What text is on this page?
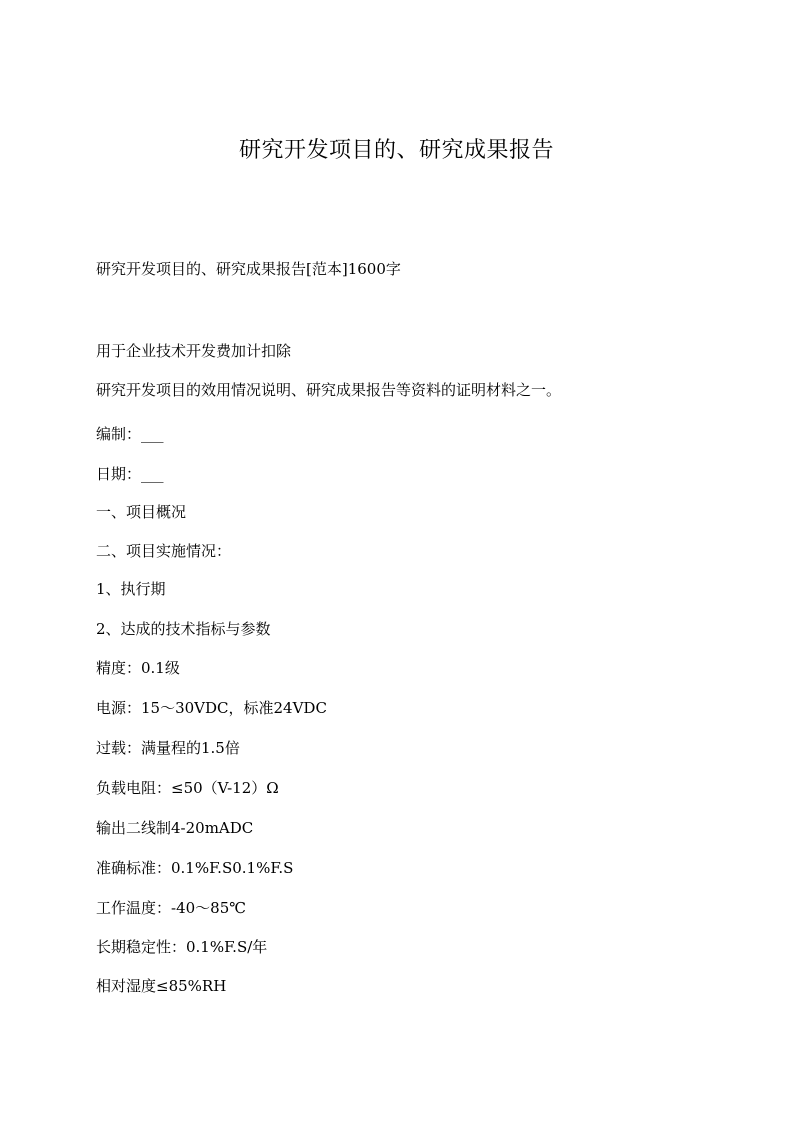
研究开发项目的、研究成果报告
研究开发项目的、研究成果报告[范本]1600字
用于企业技术开发费加计扣除
研究开发项目的效用情况说明、研究成果报告等资料的证明材料之一。
编制：___
日期：___
一、项目概况
二、项目实施情况：
1、执行期
2、达成的技术指标与参数
精度：0.1级
电源：15～30VDC，标准24VDC
过载：满量程的1.5倍
负载电阻：≤50（V-12）Ω
输出二线制4-20mADC
准确标准：0.1%F.S0.1%F.S
工作温度：-40～85℃
长期稳定性：0.1%F.S/年
相对湿度≤85%RH
